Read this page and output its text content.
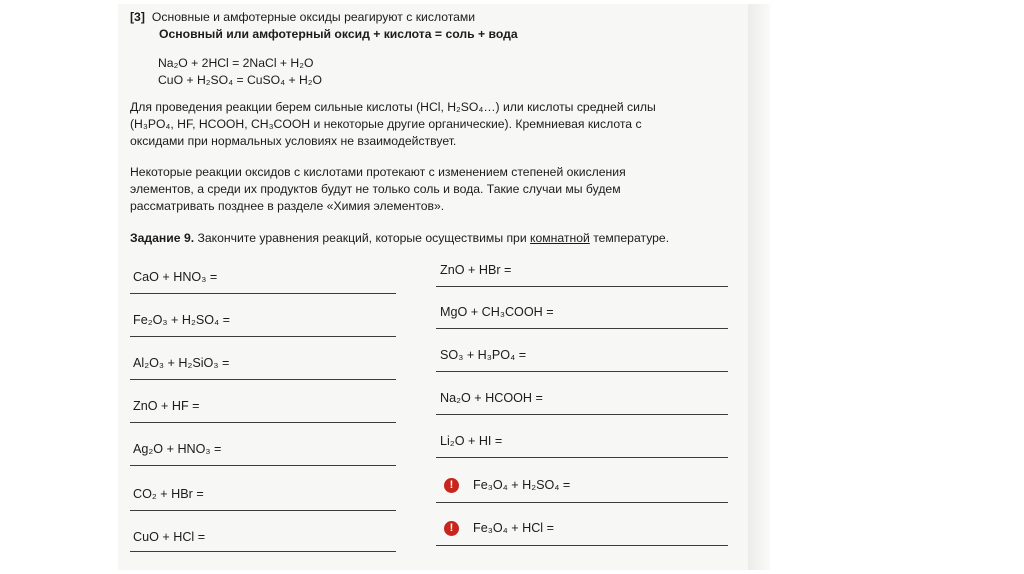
[3] Основные и амфотерные оксиды реагируют с кислотами
Основный или амфотерный оксид + кислота = соль + вода
Na₂O + 2HCl = 2NaCl + H₂O
CuO + H₂SO₄ = CuSO₄ + H₂O
Для проведения реакции берем сильные кислоты (HCl, H₂SO₄…) или кислоты средней силы
(H₃PO₄, HF, HCOOH, CH₃COOH и некоторые другие органические). Кремниевая кислота с
оксидами при нормальных условиях не взаимодействует.
Некоторые реакции оксидов с кислотами протекают с изменением степеней окисления
элементов, а среди их продуктов будут не только соль и вода. Такие случаи мы будем
рассматривать позднее в разделе «Химия элементов».
Задание 9. Закончите уравнения реакций, которые осуществимы при комнатной температуре.
CaO + HNO₃ =
Fe₂O₃ + H₂SO₄ =
Al₂O₃ + H₂SiO₃ =
ZnO + HF =
Ag₂O + HNO₃ =
CO₂ + HBr =
CuO + HCl =
ZnO + HBr =
MgO + CH₃COOH =
SO₃ + H₃PO₄ =
Na₂O + HCOOH =
Li₂O + HI =
! Fe₃O₄ + H₂SO₄ =
! Fe₃O₄ + HCl =
